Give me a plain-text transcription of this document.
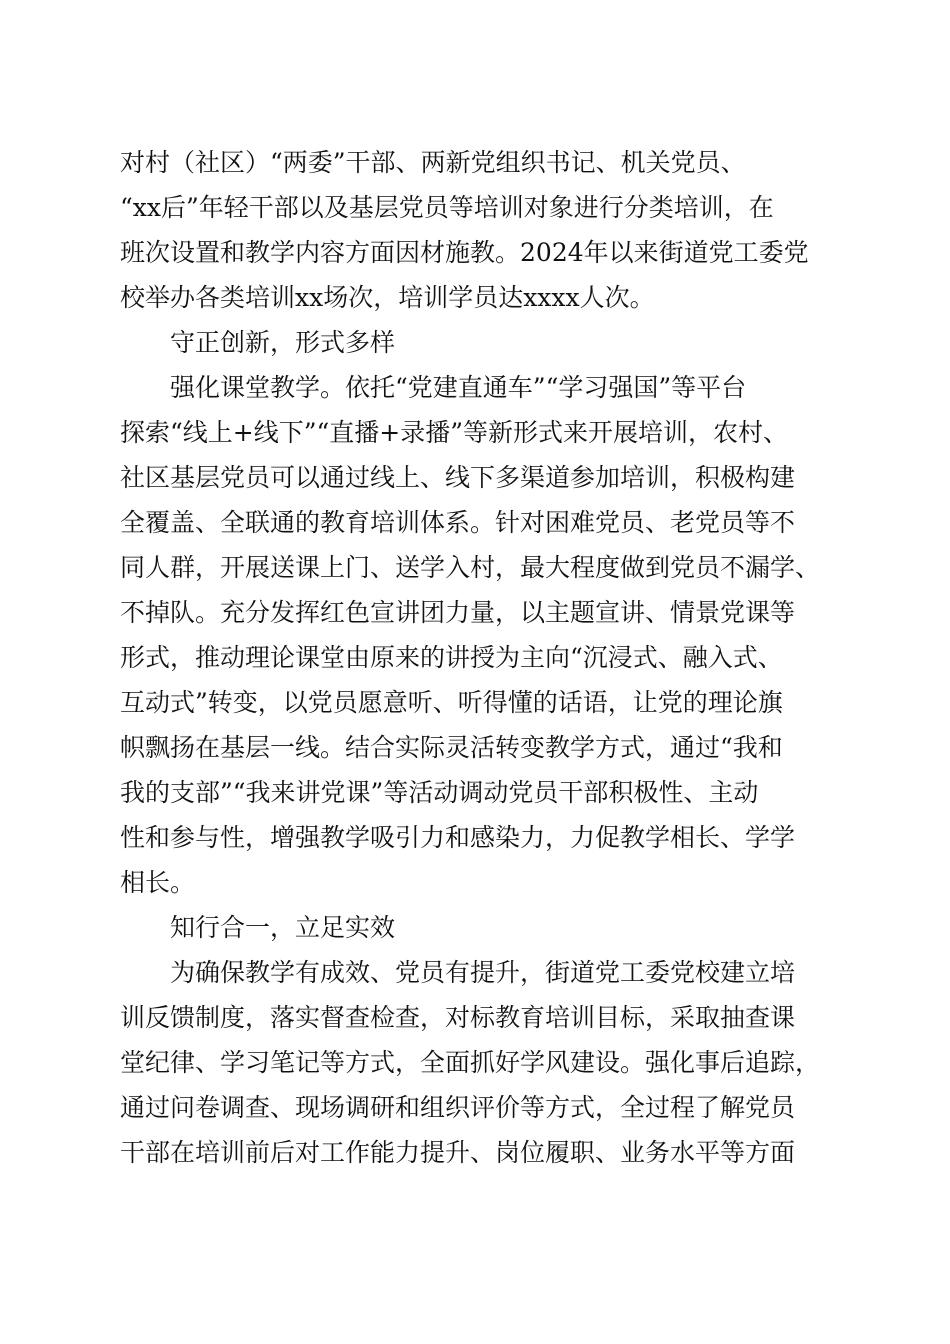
对村（社区）“两委”干部、两新党组织书记、机关党员、
“xx后”年轻干部以及基层党员等培训对象进行分类培训，在
班次设置和教学内容方面因材施教。2024年以来街道党工委党
校举办各类培训xx场次，培训学员达xxxx人次。
守正创新，形式多样
强化课堂教学。依托“党建直通车”“学习强国”等平台
探索“线上+线下”“直播+录播”等新形式来开展培训，农村、
社区基层党员可以通过线上、线下多渠道参加培训，积极构建
全覆盖、全联通的教育培训体系。针对困难党员、老党员等不
同人群，开展送课上门、送学入村，最大程度做到党员不漏学、
不掉队。充分发挥红色宣讲团力量，以主题宣讲、情景党课等
形式，推动理论课堂由原来的讲授为主向“沉浸式、融入式、
互动式”转变，以党员愿意听、听得懂的话语，让党的理论旗
帜飘扬在基层一线。结合实际灵活转变教学方式，通过“我和
我的支部”“我来讲党课”等活动调动党员干部积极性、主动
性和参与性，增强教学吸引力和感染力，力促教学相长、学学
相长。
知行合一，立足实效
为确保教学有成效、党员有提升，街道党工委党校建立培
训反馈制度，落实督查检查，对标教育培训目标，采取抽查课
堂纪律、学习笔记等方式，全面抓好学风建设。强化事后追踪，
通过问卷调查、现场调研和组织评价等方式，全过程了解党员
干部在培训前后对工作能力提升、岗位履职、业务水平等方面
